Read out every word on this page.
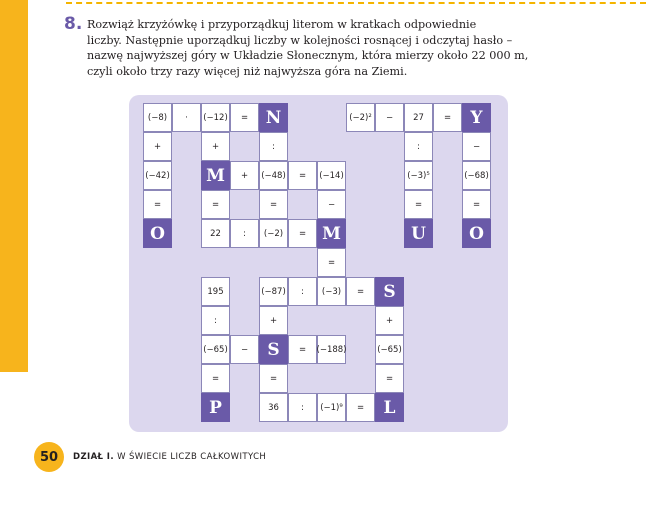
8. Rozwiąż krzyżówkę i przyporządkuj literom w kratkach odpowiednie
liczby. Następnie uporządkuj liczby w kolejności rosnącej i odczytaj hasło –
nazwę najwyższej góry w Układzie Słonecznym, która mierzy około 22 000 m,
czyli około trzy razy więcej niż najwyższa góra na Ziemi.
(−8)	·	(−12)	=	N	(−2)²	−	27	=	Y
+	+	:	:	−
(−42) M	+	(−48)	=	(−14)	(−3)⁵	(−68)
=	=	=	−	=	=
O	22	:	(−2)	= M	U	O
=
195	(−87)	:	(−3)	=	S
:	+	+
(−65)	−	S	=	(−188)	(−65)
=	=	=
P	36	:	(−1)⁹	=	L
50 DZIAŁ I. W ŚWIECIE LICZB CAŁKOWITYCH
